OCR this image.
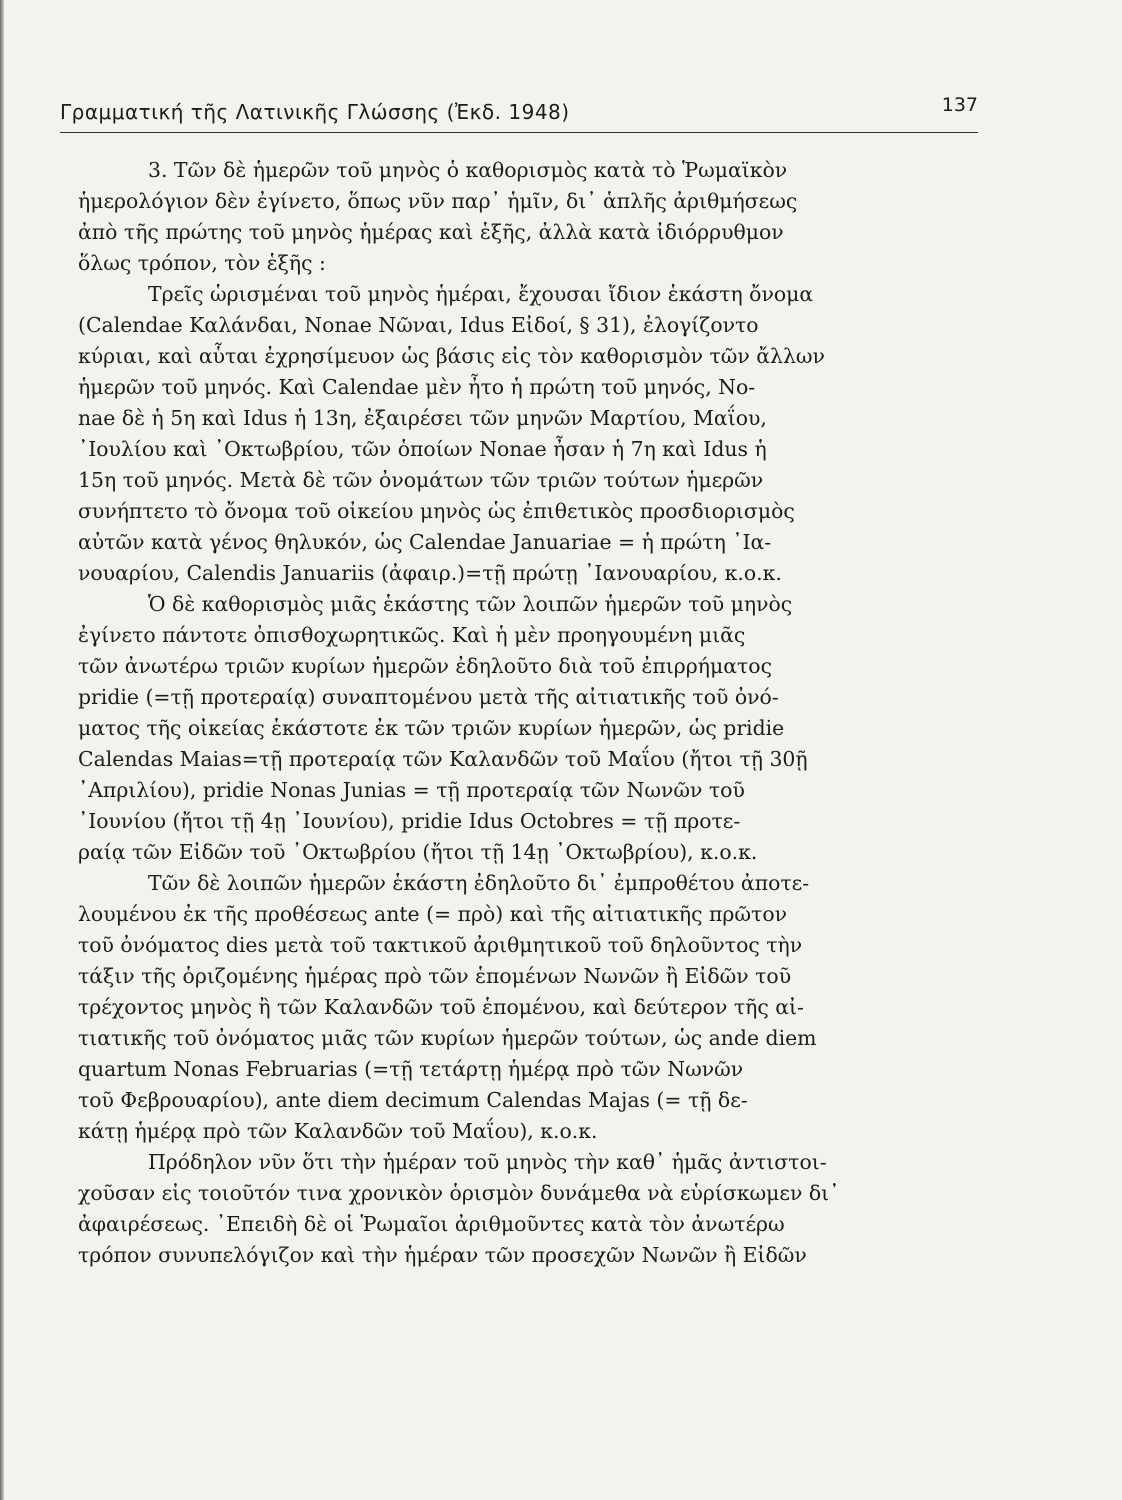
Γραμματική τῆς Λατινικῆς Γλώσσης (Ἐκδ. 1948)	137
3. Τῶν δὲ ἡμερῶν τοῦ μηνὸς ὁ καθορισμὸς κατὰ τὸ Ῥωμαϊκὸν
ἡμερολόγιον δὲν ἐγίνετο, ὅπως νῦν παρ᾽ ἡμῖν, δι᾽ ἁπλῆς ἀριθμήσεως
ἀπὸ τῆς πρώτης τοῦ μηνὸς ἡμέρας καὶ ἑξῆς, ἀλλὰ κατὰ ἰδιόρρυθμον
ὅλως τρόπον, τὸν ἑξῆς :
Τρεῖς ὡρισμέναι τοῦ μηνὸς ἡμέραι, ἔχουσαι ἴδιον ἑκάστη ὄνομα
(Calendae Καλάνδαι, Nonae Νῶναι, Idus Εἰδοί, § 31), ἐλογίζοντο
κύριαι, καὶ αὗται ἐχρησίμευον ὡς βάσις εἰς τὸν καθορισμὸν τῶν ἄλλων
ἡμερῶν τοῦ μηνός. Καὶ Calendae μὲν ἦτο ἡ πρώτη τοῦ μηνός, No-
nae δὲ ἡ 5η καὶ Idus ἡ 13η, ἐξαιρέσει τῶν μηνῶν Μαρτίου, Μαΐου,
᾽Ιουλίου καὶ ᾽Οκτωβρίου, τῶν ὁποίων Nonae ἦσαν ἡ 7η καὶ Idus ἡ
15η τοῦ μηνός. Μετὰ δὲ τῶν ὀνομάτων τῶν τριῶν τούτων ἡμερῶν
συνήπτετο τὸ ὄνομα τοῦ οἰκείου μηνὸς ὡς ἐπιθετικὸς προσδιορισμὸς
αὐτῶν κατὰ γένος θηλυκόν, ὡς Calendae Januariae = ἡ πρώτη ᾽Ια-
νουαρίου, Calendis Januariis (ἀφαιρ.)=τῇ πρώτῃ ᾽Ιανουαρίου, κ.ο.κ.
Ὁ δὲ καθορισμὸς μιᾶς ἑκάστης τῶν λοιπῶν ἡμερῶν τοῦ μηνὸς
ἐγίνετο πάντοτε ὀπισθοχωρητικῶς. Καὶ ἡ μὲν προηγουμένη μιᾶς
τῶν ἀνωτέρω τριῶν κυρίων ἡμερῶν ἐδηλοῦτο διὰ τοῦ ἐπιρρήματος
pridie (=τῇ προτεραίᾳ) συναπτομένου μετὰ τῆς αἰτιατικῆς τοῦ ὀνό-
ματος τῆς οἰκείας ἑκάστοτε ἐκ τῶν τριῶν κυρίων ἡμερῶν, ὡς pridie
Calendas Maias=τῇ προτεραίᾳ τῶν Καλανδῶν τοῦ Μαΐου (ἤτοι τῇ 30ῇ
᾽Απριλίου), pridie Nonas Junias = τῇ προτεραίᾳ τῶν Νωνῶν τοῦ
᾽Ιουνίου (ἤτοι τῇ 4ῃ ᾽Ιουνίου), pridie Idus Octobres = τῇ προτε-
ραίᾳ τῶν Εἰδῶν τοῦ ᾽Οκτωβρίου (ἤτοι τῇ 14ῃ ᾽Οκτωβρίου), κ.ο.κ.
Τῶν δὲ λοιπῶν ἡμερῶν ἑκάστη ἐδηλοῦτο δι᾽ ἐμπροθέτου ἀποτε-
λουμένου ἐκ τῆς προθέσεως ante (= πρὸ) καὶ τῆς αἰτιατικῆς πρῶτον
τοῦ ὀνόματος dies μετὰ τοῦ τακτικοῦ ἀριθμητικοῦ τοῦ δηλοῦντος τὴν
τάξιν τῆς ὁριζομένης ἡμέρας πρὸ τῶν ἑπομένων Νωνῶν ἢ Εἰδῶν τοῦ
τρέχοντος μηνὸς ἢ τῶν Καλανδῶν τοῦ ἑπομένου, καὶ δεύτερον τῆς αἰ-
τιατικῆς τοῦ ὀνόματος μιᾶς τῶν κυρίων ἡμερῶν τούτων, ὡς ande diem
quartum Nonas Februarias (=τῇ τετάρτῃ ἡμέρᾳ πρὸ τῶν Νωνῶν
τοῦ Φεβρουαρίου), ante diem decimum Calendas Majas (= τῇ δε-
κάτῃ ἡμέρᾳ πρὸ τῶν Καλανδῶν τοῦ Μαΐου), κ.ο.κ.
Πρόδηλον νῦν ὅτι τὴν ἡμέραν τοῦ μηνὸς τὴν καθ᾽ ἡμᾶς ἀντιστοι-
χοῦσαν εἰς τοιοῦτόν τινα χρονικὸν ὁρισμὸν δυνάμεθα νὰ εὑρίσκωμεν δι᾽
ἀφαιρέσεως. ᾽Επειδὴ δὲ οἱ Ῥωμαῖοι ἀριθμοῦντες κατὰ τὸν ἀνωτέρω
τρόπον συνυπελόγιζον καὶ τὴν ἡμέραν τῶν προσεχῶν Νωνῶν ἢ Εἰδῶν
